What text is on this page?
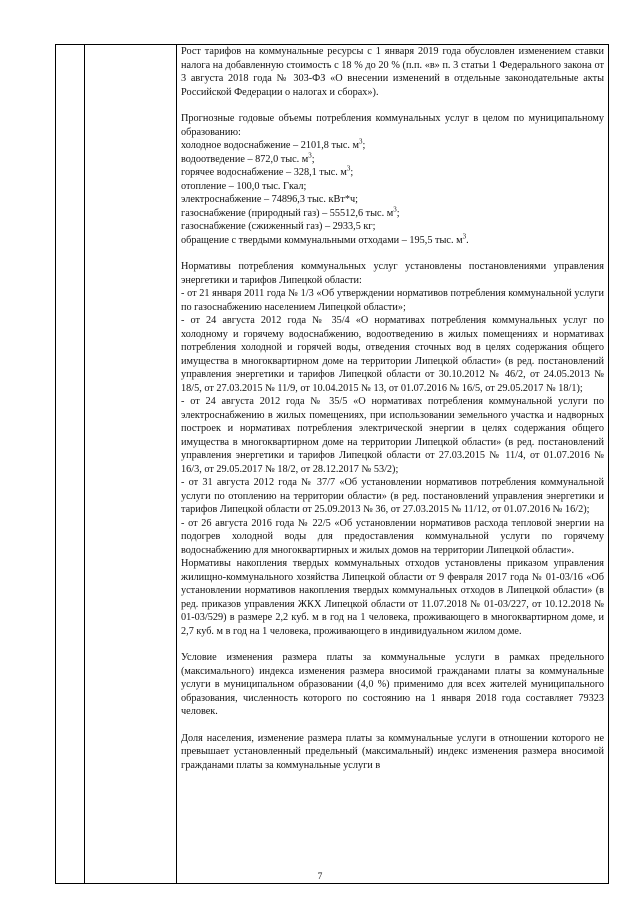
Рост тарифов на коммунальные ресурсы с 1 января 2019 года обусловлен изменением ставки налога на добавленную стоимость с 18 % до 20 % (п.п. «в» п. 3 статьи 1 Федерального закона от 3 августа 2018 года № 303-ФЗ «О внесении изменений в отдельные законодательные акты Российской Федерации о налогах и сборах»).

Прогнозные годовые объемы потребления коммунальных услуг в целом по муниципальному образованию:

холодное водоснабжение – 2101,8 тыс. $м^3$;

водоотведение – 872,0 тыс. $м^3$;

горячее водоснабжение – 328,1 тыс. $м^3$;

отопление – 100,0 тыс. Гкал;

электроснабжение – 74896,3 тыс. кВт*ч;

газоснабжение (природный газ) – 55512,6 тыс. $м^3$;

газоснабжение (сжиженный газ) – 2933,5 кг;

обращение с твердыми коммунальными отходами – 195,5 тыс. $м^3$.

Нормативы потребления коммунальных услуг установлены постановлениями управления энергетики и тарифов Липецкой области:

- от 21 января 2011 года № 1/3 «Об утверждении нормативов потребления коммунальной услуги по газоснабжению населением Липецкой области»;

- от 24 августа 2012 года № 35/4 «О нормативах потребления коммунальных услуг по холодному и горячему водоснабжению, водоотведению в жилых помещениях и нормативах потребления холодной и горячей воды, отведения сточных вод в целях содержания общего имущества в многоквартирном доме на территории Липецкой области» (в ред. постановлений управления энергетики и тарифов Липецкой области от 30.10.2012 № 46/2, от 24.05.2013 № 18/5, от 27.03.2015 № 11/9, от 10.04.2015 № 13, от 01.07.2016 № 16/5, от 29.05.2017 № 18/1);

- от 24 августа 2012 года № 35/5 «О нормативах потребления коммунальной услуги по электроснабжению в жилых помещениях, при использовании земельного участка и надворных построек и нормативах потребления электрической энергии в целях содержания общего имущества в многоквартирном доме на территории Липецкой области» (в ред. постановлений управления энергетики и тарифов Липецкой области от 27.03.2015 № 11/4, от 01.07.2016 № 16/3, от 29.05.2017 № 18/2, от 28.12.2017 № 53/2);

- от 31 августа 2012 года № 37/7 «Об установлении нормативов потребления коммунальной услуги по отоплению на территории области» (в ред. постановлений управления энергетики и тарифов Липецкой области от 25.09.2013 № 36, от 27.03.2015 № 11/12, от 01.07.2016 № 16/2);

- от 26 августа 2016 года № 22/5 «Об установлении нормативов расхода тепловой энергии на подогрев холодной воды для предоставления коммунальной услуги по горячему водоснабжению для многоквартирных и жилых домов на территории Липецкой области».

Нормативы накопления твердых коммунальных отходов установлены приказом управления жилищно-коммунального хозяйства Липецкой области от 9 февраля 2017 года № 01-03/16 «Об установлении нормативов накопления твердых коммунальных отходов в Липецкой области» (в ред. приказов управления ЖКХ Липецкой области от 11.07.2018 № 01-03/227, от 10.12.2018 № 01-03/529) в размере 2,2 куб. м в год на 1 человека, проживающего в многоквартирном доме, и 2,7 куб. м в год на 1 человека, проживающего в индивидуальном жилом доме.

Условие изменения размера платы за коммунальные услуги в рамках предельного (максимального) индекса изменения размера вносимой гражданами платы за коммунальные услуги в муниципальном образовании (4,0 %) применимо для всех жителей муниципального образования, численность которого по состоянию на 1 января 2018 года составляет 79323 человек.

Доля населения, изменение размера платы за коммунальные услуги в отношении которого не превышает установленный предельный (максимальный) индекс изменения размера вносимой гражданами платы за коммунальные услуги в

7
